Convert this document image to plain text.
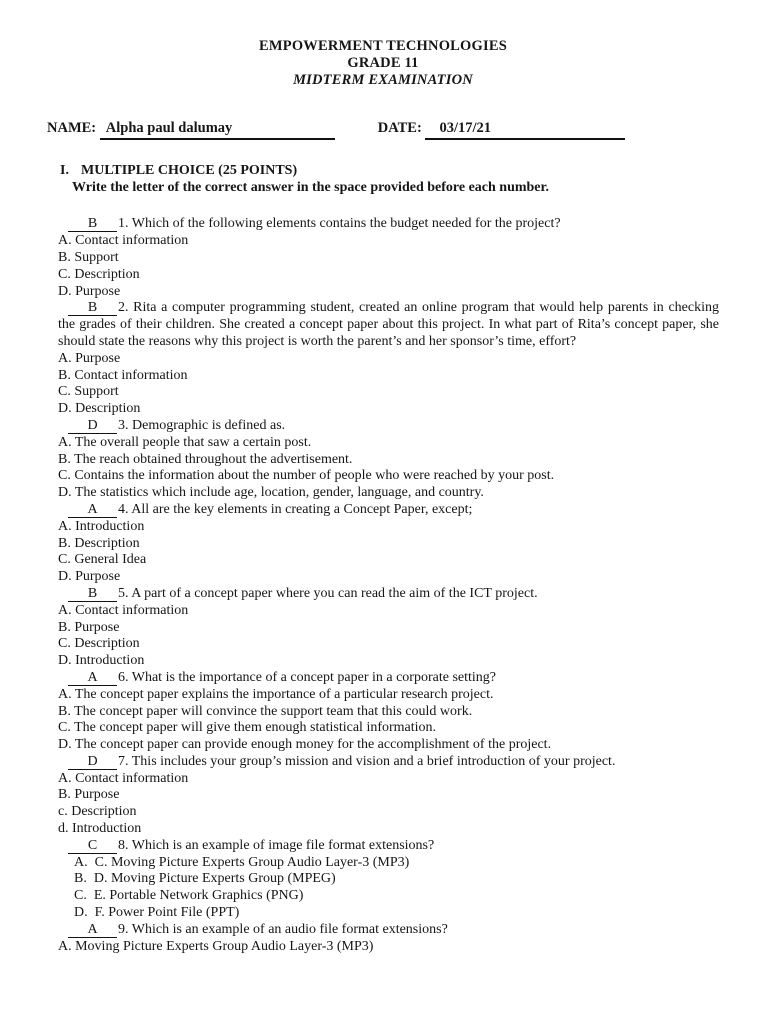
EMPOWERMENT TECHNOLOGIES
GRADE 11
MIDTERM EXAMINATION
NAME: Alpha paul dalumay	DATE: 03/17/21
I. MULTIPLE CHOICE (25 POINTS)
Write the letter of the correct answer in the space provided before each number.

B 1. Which of the following elements contains the budget needed for the project?

A. Contact information

B. Support

C. Description

D. Purpose

B 2. Rita a computer programming student, created an online program that would help parents in checking the grades of their children. She created a concept paper about this project. In what part of Rita’s concept paper, she should state the reasons why this project is worth the parent’s and her sponsor’s time, effort?

A. Purpose

B. Contact information

C. Support

D. Description

D 3. Demographic is defined as.

A. The overall people that saw a certain post.

B. The reach obtained throughout the advertisement.

C. Contains the information about the number of people who were reached by your post.

D. The statistics which include age, location, gender, language, and country.

A 4. All are the key elements in creating a Concept Paper, except;

A. Introduction

B. Description

C. General Idea

D. Purpose

B 5. A part of a concept paper where you can read the aim of the ICT project.

A. Contact information

B. Purpose

C. Description

D. Introduction

A 6. What is the importance of a concept paper in a corporate setting?

A. The concept paper explains the importance of a particular research project.

B. The concept paper will convince the support team that this could work.

C. The concept paper will give them enough statistical information.

D. The concept paper can provide enough money for the accomplishment of the project.

D 7. This includes your group’s mission and vision and a brief introduction of your project.

A. Contact information

B. Purpose

c. Description

d. Introduction

C 8. Which is an example of image file format extensions?

A.  C. Moving Picture Experts Group Audio Layer-3 (MP3)

B.  D. Moving Picture Experts Group (MPEG)

C.  E. Portable Network Graphics (PNG)

D.  F. Power Point File (PPT)

A 9. Which is an example of an audio file format extensions?

A. Moving Picture Experts Group Audio Layer-3 (MP3)
